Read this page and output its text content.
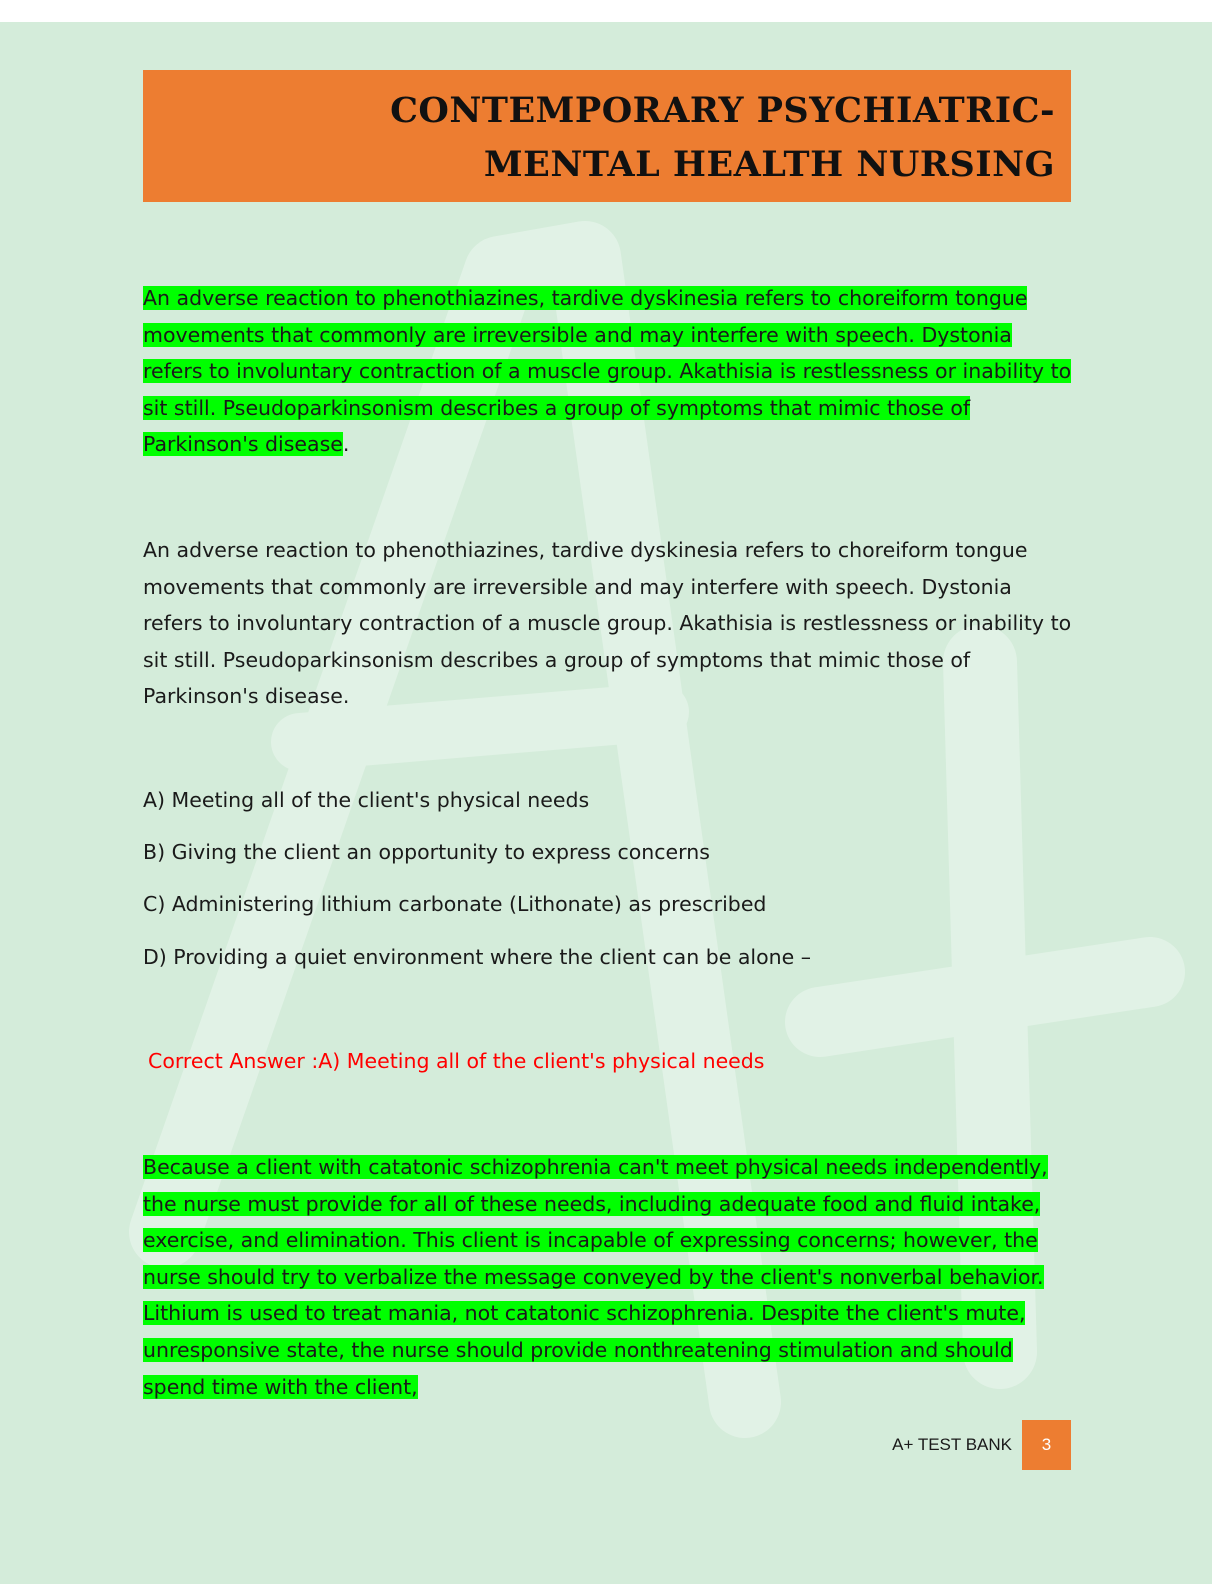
CONTEMPORARY PSYCHIATRIC-
MENTAL HEALTH NURSING

An adverse reaction to phenothiazines, tardive dyskinesia refers to choreiform tongue movements that commonly are irreversible and may interfere with speech. Dystonia refers to involuntary contraction of a muscle group. Akathisia is restlessness or inability to sit still. Pseudoparkinsonism describes a group of symptoms that mimic those of Parkinson's disease.

An adverse reaction to phenothiazines, tardive dyskinesia refers to choreiform tongue movements that commonly are irreversible and may interfere with speech. Dystonia refers to involuntary contraction of a muscle group. Akathisia is restlessness or inability to sit still. Pseudoparkinsonism describes a group of symptoms that mimic those of Parkinson's disease.

A) Meeting all of the client's physical needs
B) Giving the client an opportunity to express concerns
C) Administering lithium carbonate (Lithonate) as prescribed
D) Providing a quiet environment where the client can be alone –
Correct Answer :A) Meeting all of the client's physical needs

Because a client with catatonic schizophrenia can't meet physical needs independently, the nurse must provide for all of these needs, including adequate food and fluid intake, exercise, and elimination. This client is incapable of expressing concerns; however, the nurse should try to verbalize the message conveyed by the client's nonverbal behavior. Lithium is used to treat mania, not catatonic schizophrenia. Despite the client's mute, unresponsive state, the nurse should provide nonthreatening stimulation and should spend time with the client,

A+ TEST BANK	3
